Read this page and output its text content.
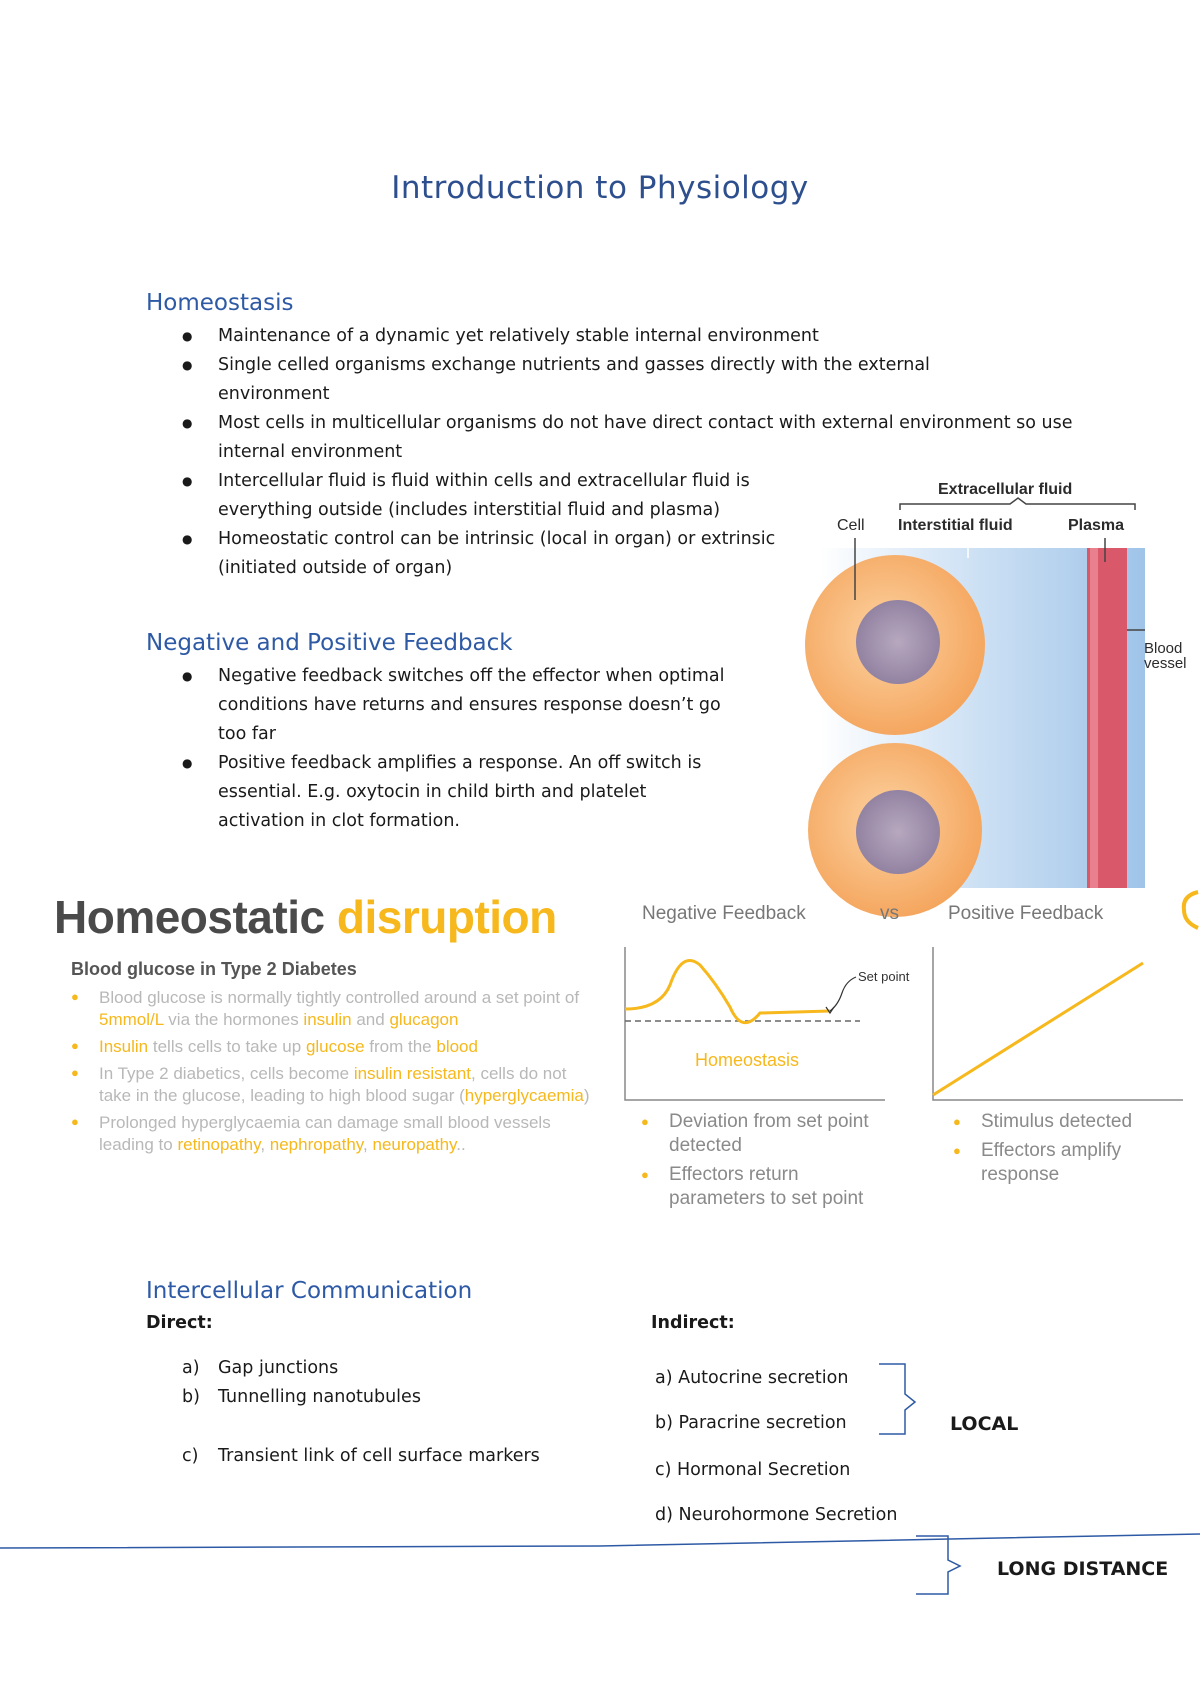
Introduction to Physiology
Homeostasis
● Maintenance of a dynamic yet relatively stable internal environment
● Single celled organisms exchange nutrients and gasses directly with the external environment
● Most cells in multicellular organisms do not have direct contact with external environment so use internal environment
● Intercellular fluid is fluid within cells and extracellular fluid is everything outside (includes interstitial fluid and plasma)
● Homeostatic control can be intrinsic (local in organ) or extrinsic (initiated outside of organ)
Negative and Positive Feedback
● Negative feedback switches off the effector when optimal conditions have returns and ensures response doesn’t go too far
● Positive feedback amplifies a response. An off switch is essential. E.g. oxytocin in child birth and platelet activation in clot formation.
Extracellular fluid
Cell Interstitial fluid	Plasma
Blood
vessel
Homeostatic disruption
Blood glucose in Type 2 Diabetes
● Blood glucose is normally tightly controlled around a set point of 5mmol/L via the hormones insulin and glucagon
● Insulin tells cells to take up glucose from the blood
● In Type 2 diabetics, cells become insulin resistant, cells do not take in the glucose, leading to high blood sugar (hyperglycaemia)
● Prolonged hyperglycaemia can damage small blood vessels leading to retinopathy, nephropathy, neuropathy..
Negative Feedback	vs	Positive Feedback
Set point
Homeostasis
● Deviation from set point detected
● Effectors return parameters to set point
● Stimulus detected
● Effectors amplify response
Intercellular Communication
Direct:	Indirect:
a) Gap junctions
b) Tunnelling nanotubules
c) Transient link of cell surface markers
a) Autocrine secretion
b) Paracrine secretion
c) Hormonal Secretion
d) Neurohormone Secretion
LOCAL
LONG DISTANCE
